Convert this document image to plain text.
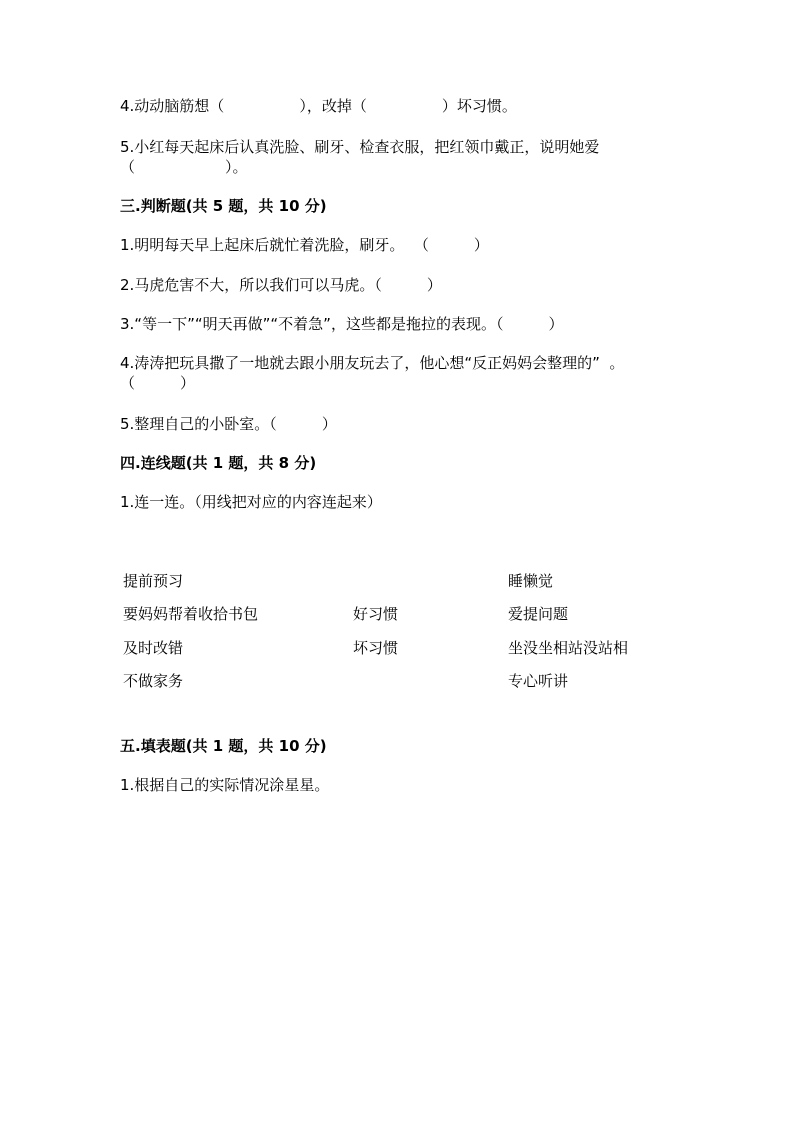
4.动动脑筋想（　　　　　），改掉（　　　　　）坏习惯。
5.小红每天起床后认真洗脸、刷牙、检查衣服，把红领巾戴正，说明她爱
（　　　　　　）。
三.判断题(共 5 题，共 10 分)
1.明明每天早上起床后就忙着洗脸，刷牙。  （　　　）
2.马虎危害不大，所以我们可以马虎。（　　　）
3.“等一下”“明天再做”“不着急”，这些都是拖拉的表现。（　　　）
4.涛涛把玩具撒了一地就去跟小朋友玩去了，他心想“反正妈妈会整理的”  。
（　　　）
5.整理自己的小卧室。（　　　）
四.连线题(共 1 题，共 8 分)
1.连一连。（用线把对应的内容连起来）
提前预习
要妈妈帮着收拾书包
及时改错
不做家务
好习惯
坏习惯
睡懒觉
爱提问题
坐没坐相站没站相
专心听讲
五.填表题(共 1 题，共 10 分)
1.根据自己的实际情况涂星星。
